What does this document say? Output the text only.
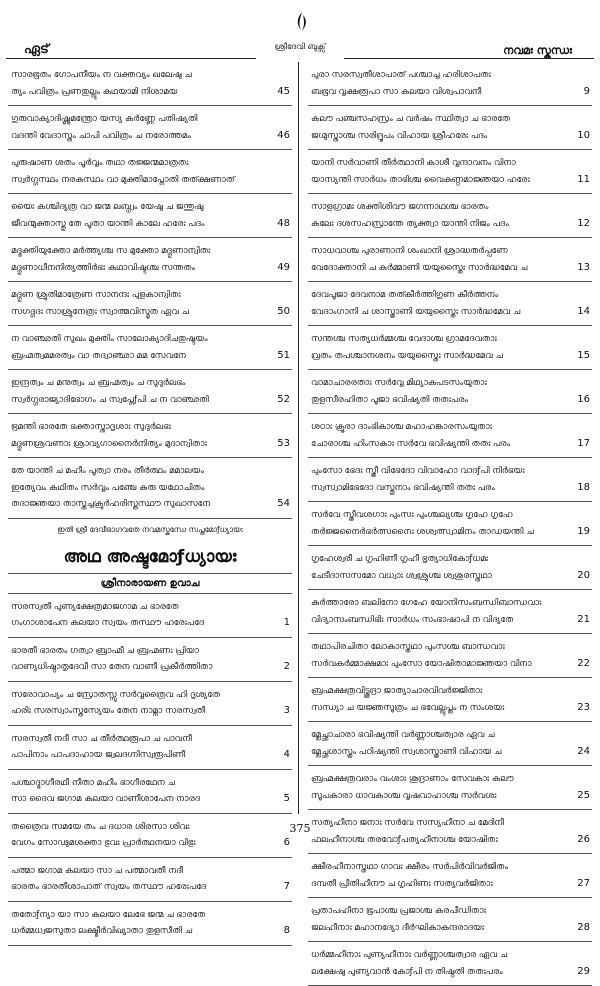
ഏട്	ശ്രീദേവി ബുക്സ്	നവമഃ സ്കന്ധഃ
സാരഭൂതം ഗോപനീയം ന വക്തവ്യം ഖലേഷു ച
ത്യം പവിത്രം പ്രണതുല്ലും കഥയാമി നിശാമയ	45
ഗുരുവാക്യാദിഷ്ണുമന്ത്രോ യസ്യ കർണ്ണേ പതിഷ്യതി
വദന്തി വേദാസ്തം ചാപി പവിത്രം ച നരോത്തമം	46
പുരുഷാണ ശതം പൂർവ്വം തഥാ തജ്ജന്മമാത്രതഃ
സ്വർഗ്ഗസ്ഥം നരകസ്ഥം വാ മുക്തിമാപ്നോതി തത്ക്ഷണാത്
യൈഃ കശ്ചിദ്യത്ര വാ ജന്മ ലബ്ധ്വം യേഷു ച ജന്തുഷു
ജീവന്മുക്താസ്തു തേ പൂതാ യാന്തി കാലേ ഹരേഃ പദം	48
മദ്ഭക്തിയുക്തോ മർത്ത്യശ്ച സ മുക്തോ മദ്ഗുണാന്വിതഃ
മദ്ഗുണാധീനനിത്യത്തിർഭഃ കഥാവിഷ്ടശ്ച സന്തതം	49
മദ്ഗുണ ശ്രുതിമാത്രേണ സാനന്ദഃ പുളകാന്വിതഃ
സഗദ്ഗദഃ സാശ്രുനേത്രഃ സ്വാത്മവിസ്മൃത ഏവ ച	50
ന വാഞ്ഛതി സുഖം മുക്തിം സാലോക്യാദിചതുഷ്ടയം
ബ്രഹ്മത്വമമരത്വം വാ തദ്വാഞ്ഛാ മമ സേവനേ	51
ഇന്ദ്രത്വം ച മനുത്വം ച ബ്രഹ്മത്വം ച സുദുർലഭം
സ്വർഗ്ഗരാജ്യാദിഭോഗം ച സ്വപ്നേƒപി ച ന വാഞ്ഛതി	52
ഭ്രമന്തി ഭാരതേ ഭക്താസ്താദൃശാഃ സുദുർലഭഃ
മദ്ഗുണശ്രവണാഃ ശ്രാവ്യഗാനൈർനിത്യം മുദാന്വിതാഃ	53
തേ യാന്തി ച മഹീം പൂത്വാ നരം തീർത്ഥം മമാലയം
ഇത്യേവം കഥിതം സർവ്വം പഞ്ചേ കുരു യഥോചിതം
തദാജ്ഞയാ താസ്തച്ചക്രുർഹരിസ്തസ്ഥൗ സുഖാസനേ	54
ഇതി ശ്രീ ദേവീഭാഗവതേ നവമസ്കന്ധേ സപ്തമോƒധ്യായഃ
അഥ അഷ്ടമോƒധ്യായഃ
ശ്രീനാരായണ ഉവാച
സരസ്വതീ പുണ്യക്ഷേത്രമാജഗാമ ച ഭാരതേ
ഗംഗാശാപേന കലയാ സ്വയം തസ്ഥൗ ഹരേഃപദേ	1
ഭാരതീ ഭാരതം ഗത്വാ ബ്രാഹ്മീ ച ബ്രഹ്മണഃ പ്രിയാ
വാണ്യധിഷ്ഠാതൃദേവീ സാ തേന വാണീ പ്രകീർത്തിതാ	2
സരോവാപ്യം ച സ്രോതസ്സു സർവ്വത്രൈവ ഹി ദൃശ്യതേ
ഹരിഃ സരസ്വാംസ്തസ്യേയം തേന നാമ്നാ സരസ്വതീ	3
സരസ്വതീ നദീ സാ ച തീർത്ഥരൂപാ ച പാവനീ
പാപിനാം പാപദാഹായ ജ്വലദഗ്നിസ്വരൂപിണീ	4
പശ്ചാദ്ഭാഗീരഥീ നീതാ മഹീം ഭാഗീരഥേന ച
സാ ദൈവ ജഗാമ കലയാ വാണീശാപേന നാരദ	5
തത്രൈവ സമയേ തം ച ദധാര ശിരസാ ശിവഃ
വേഗം സോഢുമശക്താ ഭുവഃ പ്രാർത്ഥനയാ വിഭുഃ	6
പത്മാ ജഗാമ കലയാ സാ ച പത്മാവതീ നദീ
ഭാരതം ഭാരതീശാപാത് സ്വയം തസ്ഥൗ ഹരേഃപദേ	7
തതോƒന്യാ യാ സാ കലയാ ലേഭേ ജന്മ ച ഭാരതേ
ധർമ്മധ്വജസുതാ ലക്ഷ്മീർവിഖ്യാതാ തുളസീതി ച	8
പുരാ സരസ്വതീശാപാത് പശ്ചാച്ച ഹരിശാപതഃ
ബഭൂവ വൃക്ഷരൂപാ സാ കലയാ വിശ്വപാവനീ	9
കലൗ പഞ്ചസഹസ്രം ച വർഷം സ്ഥിത്വാ ച ഭാരതേ
ജഗ്മുസ്താശ്ച സരിദ്രൂപം വിഹായ ശ്രീഹരേഃ പദം	10
യാനി സർവാണി തീർത്ഥാനി കാശീ വൃന്ദാവനം വിനാ
യാസ്യന്തി സാർധം താഭിശ്ച വൈകുണ്ഠമാജ്ഞയാ ഹരേഃ	11
സാളഗ്രാമഃ ശക്തിശിവൗ ജഗന്നാഥശ്ച ഭാരതം
കലേഃ ദശസഹസ്രാന്തേ ത്യക്ത്വാ യാന്തി നിജം പദം	12
സാധവാശ്ച പുരാണാനി ശംഖാനി ശ്രാദ്ധതർപ്പണേ
വേദോക്താനി ച കർമ്മാണി യയുസ്തൈഃ സാർദ്ധമേവ ച	13
ദേവപൂജാ ദേവനാമ തത്കീർത്തിഗുണ കീർത്തനം
വേദാംഗാനി ച ശാസ്ത്രാണി യയുസ്തൈഃ സാർദ്ധമേവ ച	14
സന്തശ്ച സത്യധർമ്മശ്ച വേദാശ്ച ഗ്രാമദേവതാഃ
വ്രതം തപശ്ചാനശനം യയുസ്തൈഃ സാർദ്ധമേവ ച	15
വാമാചാരരതാഃ സർവ്വേ മിഥ്യാകപടസംയുതാഃ
തുളസീരഹിതാ പൂജാ ഭവിഷ്യതി തതഃപരം	16
ശഠാഃ ക്രൂരാ ദാംഭികാശ്ച മഹാഹങ്കാരസംയുതാഃ
ചോരാശ്ച ഹിംസകാഃ സർവേ ഭവിഷ്യന്തി തതഃ പരം	17
പുംസോ ഭേദഃ സ്ത്രീ വിഭേദോ വിവാഹോ വാദƒപി നിർഭയഃ
സ്വസ്വാമിഭേദോ വസ്തൂനാം ഭവിഷ്യന്തി തതഃ പരം	18
സർവേ സ്ത്രീവശഗാഃ പുംസഃ പുംശ്ചല്യശ്ച ഗൃഹേ ഗൃഹേ
തർജ്ജനൈർഭർത്സനൈഃ ശശ്വത്സ്വാമിനം താഡയന്തി ച	19
ഗൃഹേശ്വരീ ച ഗൃഹിണീ ഗൃഹീ ഭൃത്യാധികോƒധമഃ
ചേടീദാസസമോ വധ്വാഃ ശ്വശ്രുശ്ച ശ്വശുരസ്തഥാ	20
കർത്താരോ ബലിനോ ഗേഹേ യോനിസംബന്ധിബാന്ധവാഃ
വിദ്യാസംബന്ധിഭിഃ സാർധം സംഭാഷാപി ന വിദ്യതേ	21
തഥാപിരചിതാ ലോകാസ്തഥാ പുംസശ്ച ബാന്ധവാഃ
സർവകർമ്മാക്ഷമാഃ പുംസോ യോഷിതാമാജ്ഞയാ വിനാ	22
ബ്രഹ്മക്ഷത്രവിട്ശൂദ്രാ ജാത്യാചാരവിവർജ്ജിതാഃ
സന്ധ്യാ ച യജ്ഞസൂത്രം ച ഭവേല്ലുപ്തം ന സംശയഃ	23
മ്ലേച്ഛാചാരാ ഭവിഷ്യന്തി വർണ്ണാശ്ചത്വാര ഏവ ച
മ്ലേച്ഛശാസ്ത്രം പഠിഷ്യന്തി സ്വശാസ്ത്രാണി വിഹായ ച	24
ബ്രഹ്മക്ഷത്രവരാം വംശാഃ ശൂദ്രാണാം സേവകാഃ കലൗ
സൂപകാരാ ധാവകാശ്ച വൃഷവാഹാശ്ച സർവശഃ	25
സത്യഹീനാ ജനാഃ സർവേ സസ്യഹീനാ ച മേദിനീ
ഫലഹീനാശ്ച തരവോƒപത്യഹീനാശ്ച യോഷിതഃ	26
ക്ഷീരഹീനാസ്തഥാ ഗാവഃ ക്ഷീരം സർപിർവിവർജിതം
ദമ്പതീ പ്രീതിഹീനൗ ച ഗൃഹിണഃ സത്യവർജിതാഃ	27
പ്രതാപഹീനാ ഭൂപാശ്ച പ്രജാശ്ച കരപീഡിതാഃ
ജലഹീനാഃ മഹാനദ്യോ ദീർഘികാകന്ദരാദയഃ	28
ധർമ്മഹീനാഃ പുണ്യഹീനാഃ വർണ്ണാശ്ചത്വാര ഏവ ച
ലക്ഷേഷു പുണ്യവാൻ കോƒപി ന തിഷ്ഠതി തതഃപരം	29
375
